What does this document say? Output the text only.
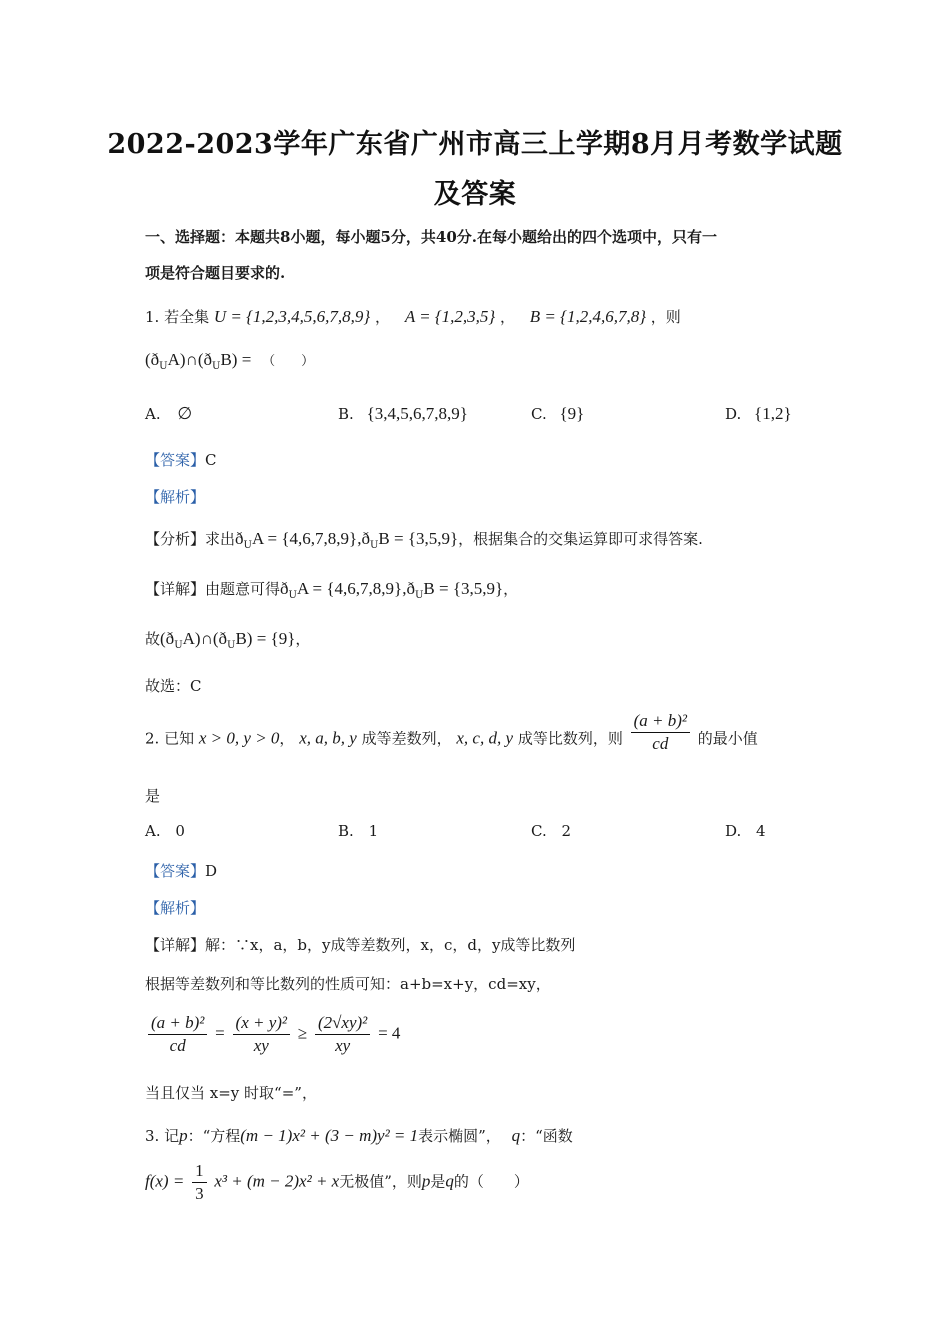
2022-2023学年广东省广州市高三上学期8月月考数学试题
及答案
一、选择题：本题共8小题，每小题5分，共40分.在每小题给出的四个选项中，只有一
项是符合题目要求的.
1. 若全集 U = {1,2,3,4,5,6,7,8,9} ， A = {1,2,3,5} ， B = {1,2,4,6,7,8} ，则
$(ð_UA)\cap(ð_UB)$ = （　　）
A. ∅	B. {3,4,5,6,7,8,9}	C. {9}	D. {1,2}
【答案】C
【解析】
【分析】求出$ð_UA$ = $\{4,6,7,8,9\},ð_UB = \{3,5,9\}$，根据集合的交集运算即可求得答案.
【详解】由题意可得$ð_UA$ = $\{4,6,7,8,9\},ð_UB = \{3,5,9\}$，
故$(ð_UA)\cap(ð_UB) = \{9\}$，
故选：C
2. 已知 x > 0, y > 0， x, a, b, y 成等差数列， x, c, d, y 成等比数列，则 $\frac{\text{(a + b)²}}{cd}$ 的最小值
是
A. 0	B. 1	C. 2	D. 4
【答案】D
【解析】
【详解】解：∵x，a，b，y成等差数列，x，c，d，y成等比数列
根据等差数列和等比数列的性质可知：a+b=x+y，cd=xy，
$\frac{\text{(a + b)²}}{cd} = \frac{\text{(x + y)²}}{xy} \ge \frac{\text{(2√xy)²}}{xy} = 4$
当且仅当 x=y 时取“=”，
3. 记p：“方程(m − 1)x² + (3 − m)y² = 1表示椭圆”， q：“函数
$f(x) = \frac{1}{3} x^3 + (m - 2)x^2 + x$无极值”，则p是q的（　　）
